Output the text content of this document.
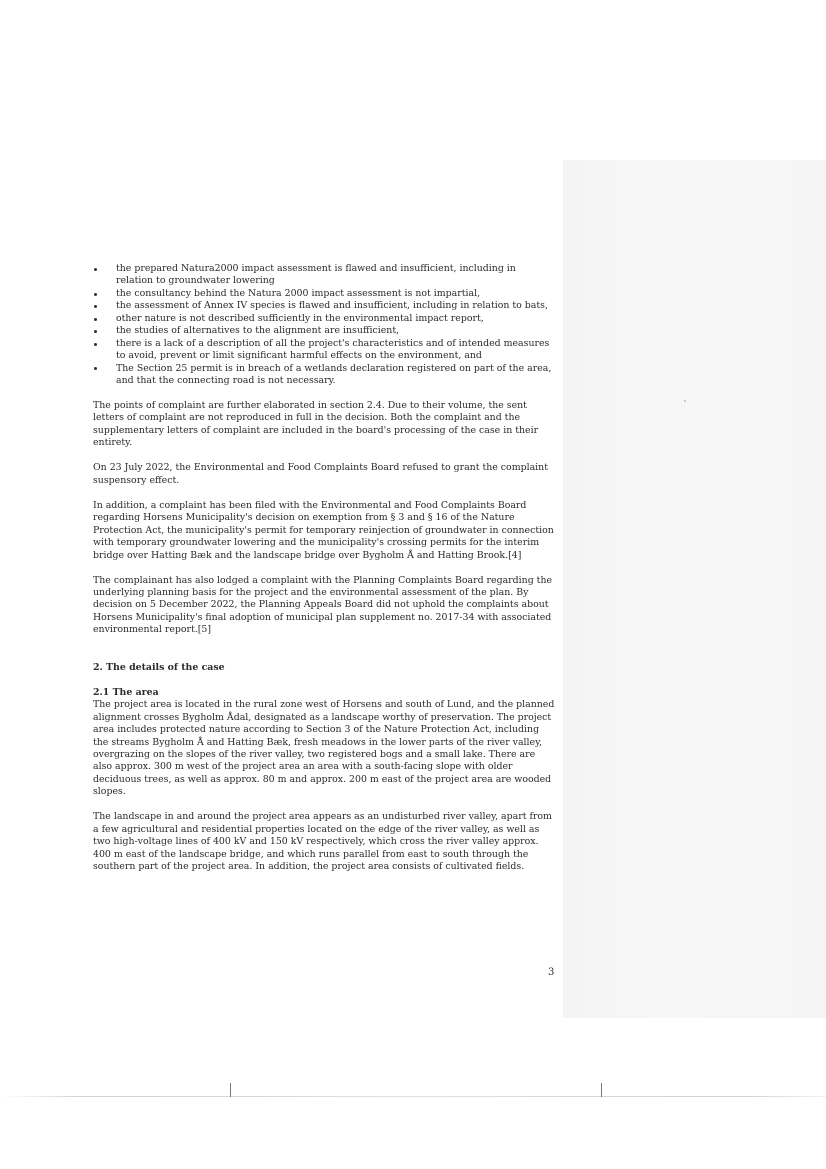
the prepared Natura2000 impact assessment is flawed and insufficient, including in relation to groundwater lowering
the consultancy behind the Natura 2000 impact assessment is not impartial,
the assessment of Annex IV species is flawed and insufficient, including in relation to bats,
other nature is not described sufficiently in the environmental impact report,
the studies of alternatives to the alignment are insufficient,
there is a lack of a description of all the project's characteristics and of intended measures to avoid, prevent or limit significant harmful effects on the environment, and
The Section 25 permit is in breach of a wetlands declaration registered on part of the area, and that the connecting road is not necessary.

The points of complaint are further elaborated in section 2.4. Due to their volume, the sent letters of complaint are not reproduced in full in the decision. Both the complaint and the supplementary letters of complaint are included in the board's processing of the case in their entirety.

On 23 July 2022, the Environmental and Food Complaints Board refused to grant the complaint suspensory effect.

In addition, a complaint has been filed with the Environmental and Food Complaints Board regarding Horsens Municipality's decision on exemption from § 3 and § 16 of the Nature Protection Act, the municipality's permit for temporary reinjection of groundwater in connection with temporary groundwater lowering and the municipality's crossing permits for the interim bridge over Hatting Bæk and the landscape bridge over Bygholm Å and Hatting Brook.[4]

The complainant has also lodged a complaint with the Planning Complaints Board regarding the underlying planning basis for the project and the environmental assessment of the plan. By decision on 5 December 2022, the Planning Appeals Board did not uphold the complaints about Horsens Municipality's final adoption of municipal plan supplement no. 2017-34 with associated environmental report.[5]

2. The details of the case

2.1 The area

The project area is located in the rural zone west of Horsens and south of Lund, and the planned alignment crosses Bygholm Ådal, designated as a landscape worthy of preservation. The project area includes protected nature according to Section 3 of the Nature Protection Act, including the streams Bygholm Å and Hatting Bæk, fresh meadows in the lower parts of the river valley, overgrazing on the slopes of the river valley, two registered bogs and a small lake. There are also approx. 300 m west of the project area an area with a south-facing slope with older deciduous trees, as well as approx. 80 m and approx. 200 m east of the project area are wooded slopes.

The landscape in and around the project area appears as an undisturbed river valley, apart from a few agricultural and residential properties located on the edge of the river valley, as well as two high-voltage lines of 400 kV and 150 kV respectively, which cross the river valley approx. 400 m east of the landscape bridge, and which runs parallel from east to south through the southern part of the project area. In addition, the project area consists of cultivated fields.

3
